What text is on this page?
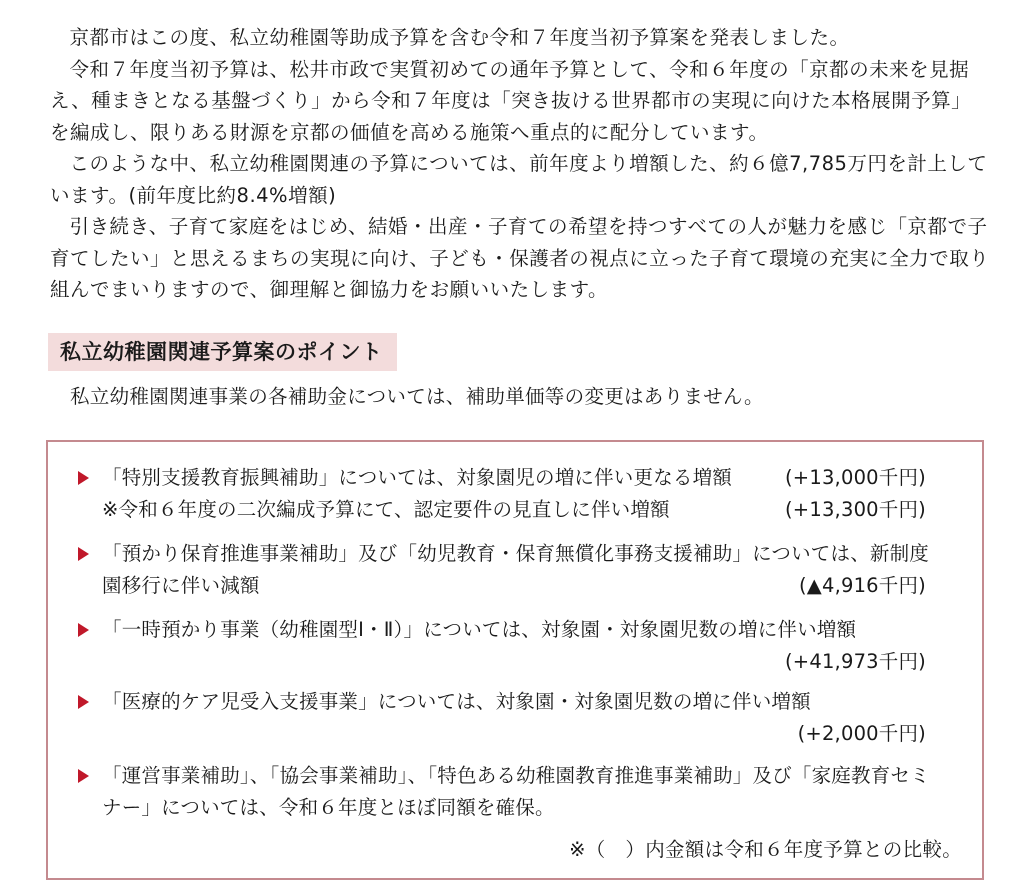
京都市はこの度、私立幼稚園等助成予算を含む令和７年度当初予算案を発表しました。

令和７年度当初予算は、松井市政で実質初めての通年予算として、令和６年度の「京都の未来を見据え、種まきとなる基盤づくり」から令和７年度は「突き抜ける世界都市の実現に向けた本格展開予算」を編成し、限りある財源を京都の価値を高める施策へ重点的に配分しています。

このような中、私立幼稚園関連の予算については、前年度より増額した、約６億7,785万円を計上しています。(前年度比約8.4%増額)

引き続き、子育て家庭をはじめ、結婚・出産・子育ての希望を持つすべての人が魅力を感じ「京都で子育てしたい」と思えるまちの実現に向け、子ども・保護者の視点に立った子育て環境の充実に全力で取り組んでまいりますので、御理解と御協力をお願いいたします。

私立幼稚園関連予算案のポイント
私立幼稚園関連事業の各補助金については、補助単価等の変更はありません。
「特別支援教育振興補助」については、対象園児の増に伴い更なる増額	(+13,000千円)
※令和６年度の二次編成予算にて、認定要件の見直しに伴い増額	(+13,300千円)
「預かり保育推進事業補助」及び「幼児教育・保育無償化事務支援補助」については、新制度
園移行に伴い減額	(▲4,916千円)
「一時預かり事業（幼稚園型Ⅰ・Ⅱ）」については、対象園・対象園児数の増に伴い増額
(+41,973千円)
「医療的ケア児受入支援事業」については、対象園・対象園児数の増に伴い増額
(+2,000千円)
「運営事業補助」、「協会事業補助」、「特色ある幼稚園教育推進事業補助」及び「家庭教育セミ
ナー」については、令和６年度とほぼ同額を確保。
※（　）内金額は令和６年度予算との比較。
